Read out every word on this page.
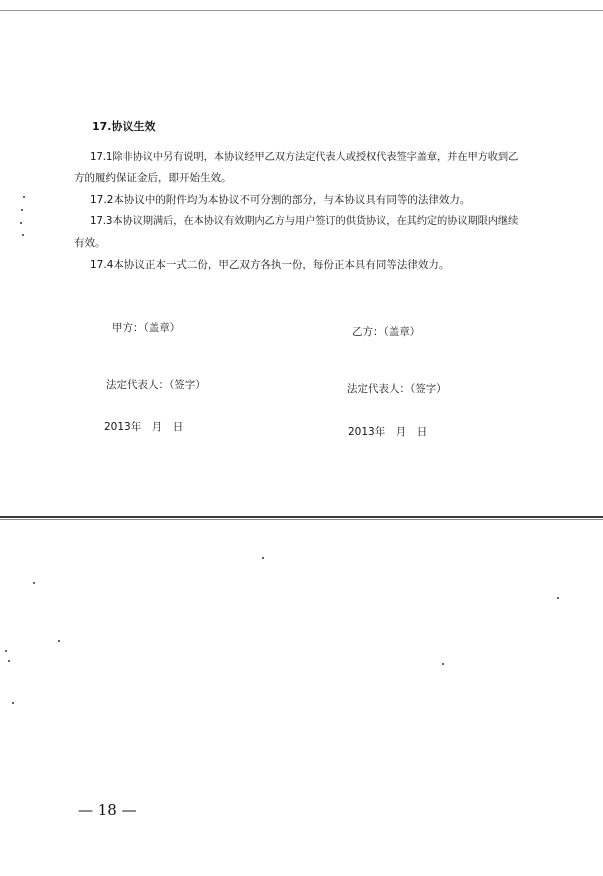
17.协议生效
17.1除非协议中另有说明，本协议经甲乙双方法定代表人或授权代表签字盖章，并在甲方收到乙
方的履约保证金后，即开始生效。
17.2本协议中的附件均为本协议不可分割的部分，与本协议具有同等的法律效力。
17.3本协议期满后，在本协议有效期内乙方与用户签订的供货协议，在其约定的协议期限内继续
有效。
17.4本协议正本一式二份，甲乙双方各执一份，每份正本具有同等法律效力。
甲方：（盖章）
法定代表人：（签字）
2013年　月　日
乙方：（盖章）
法定代表人：（签字）
2013年　月　日
— 18 —
